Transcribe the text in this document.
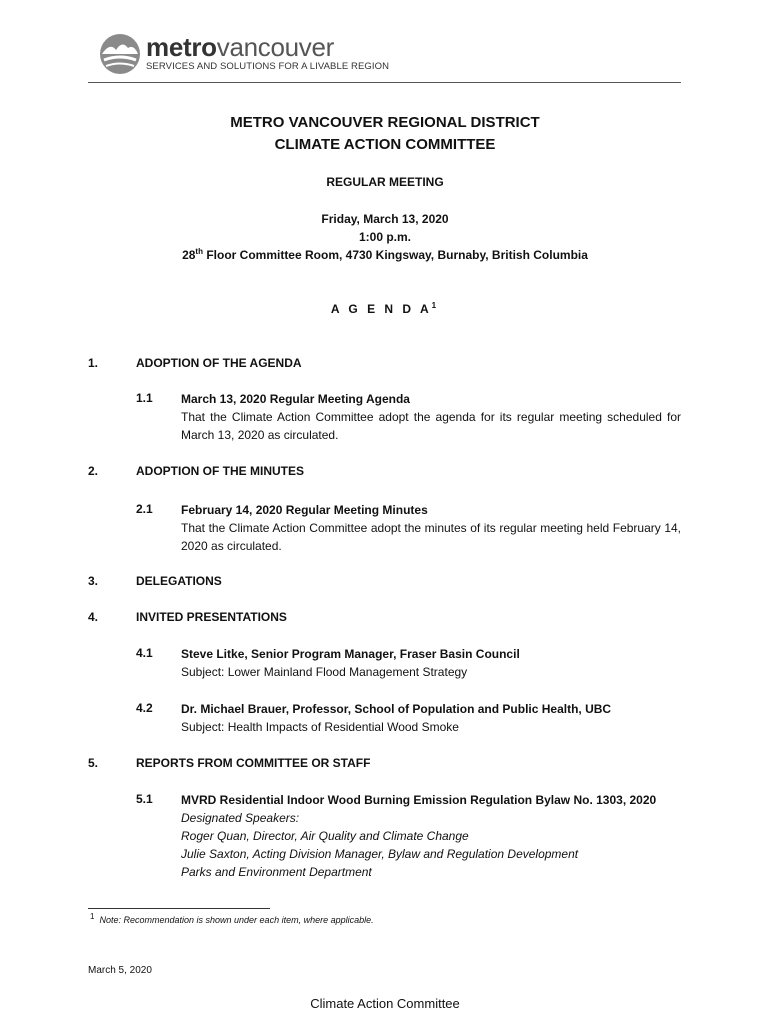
metrovancouver
SERVICES AND SOLUTIONS FOR A LIVABLE REGION
METRO VANCOUVER REGIONAL DISTRICT
CLIMATE ACTION COMMITTEE
REGULAR MEETING
Friday, March 13, 2020
1:00 p.m.
28th Floor Committee Room, 4730 Kingsway, Burnaby, British Columbia
A G E N D $A^1$
1.	ADOPTION OF THE AGENDA
1.1 March 13, 2020 Regular Meeting Agenda
That the Climate Action Committee adopt the agenda for its regular meeting scheduled for March 13, 2020 as circulated.
2.	ADOPTION OF THE MINUTES
2.1 February 14, 2020 Regular Meeting Minutes
That the Climate Action Committee adopt the minutes of its regular meeting held February 14, 2020 as circulated.
3.	DELEGATIONS
4.	INVITED PRESENTATIONS
4.1 Steve Litke, Senior Program Manager, Fraser Basin Council
Subject: Lower Mainland Flood Management Strategy
4.2 Dr. Michael Brauer, Professor, School of Population and Public Health, UBC
Subject: Health Impacts of Residential Wood Smoke
5.	REPORTS FROM COMMITTEE OR STAFF
5.1 MVRD Residential Indoor Wood Burning Emission Regulation Bylaw No. 1303, 2020
Designated Speakers:
Roger Quan, Director, Air Quality and Climate Change
Julie Saxton, Acting Division Manager, Bylaw and Regulation Development
Parks and Environment Department
$^1$ Note: Recommendation is shown under each item, where applicable.
March 5, 2020
Climate Action Committee
